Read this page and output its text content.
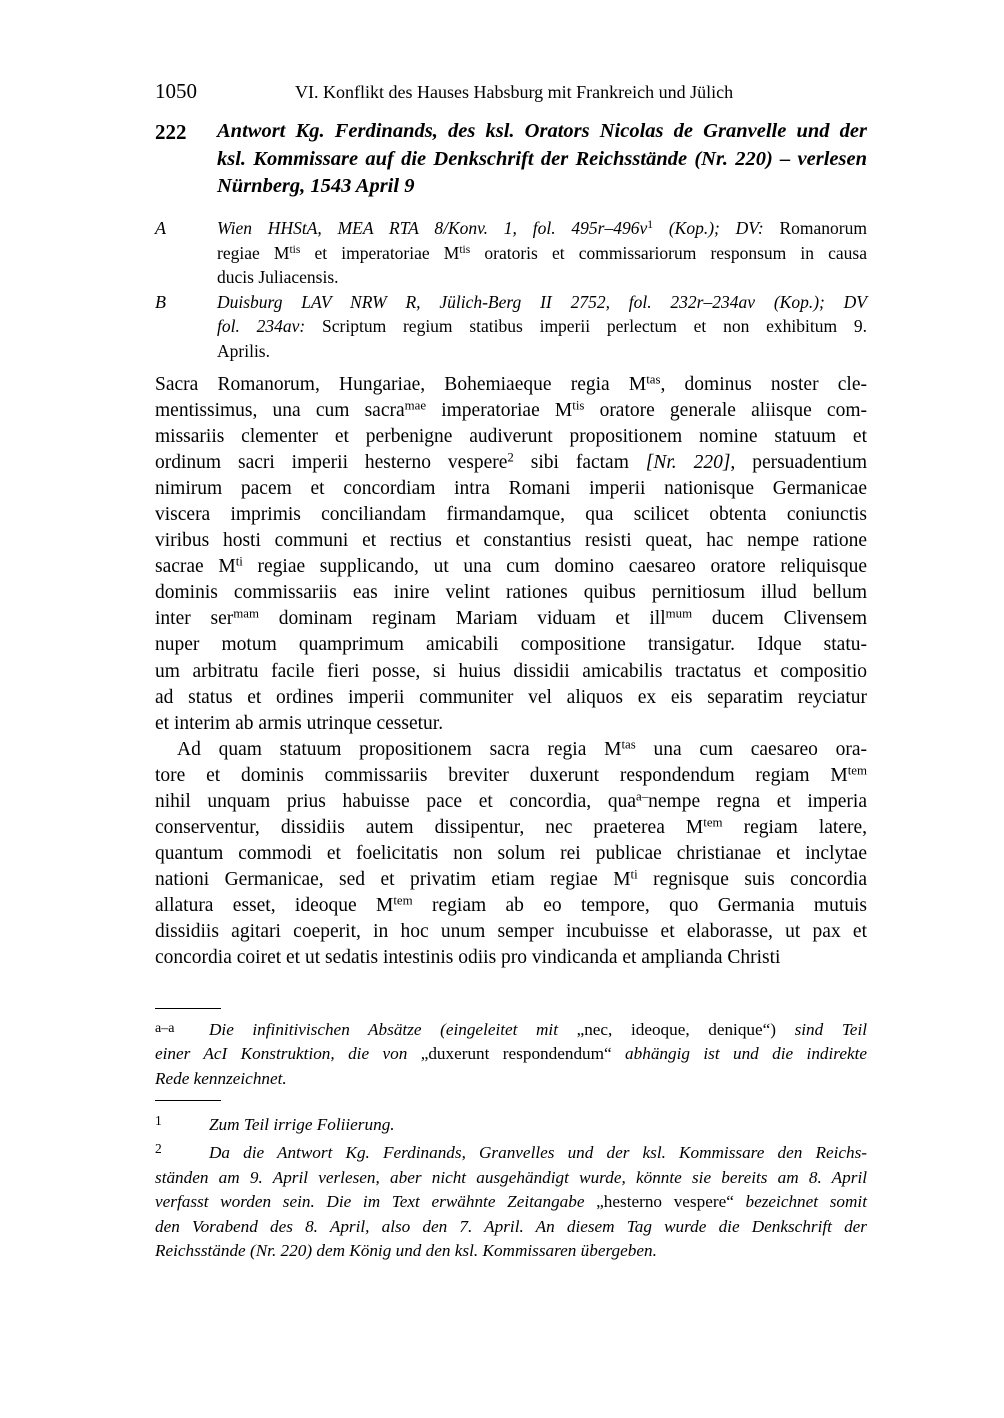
1050	VI. Konflikt des Hauses Habsburg mit Frankreich und Jülich
222 Antwort Kg. Ferdinands, des ksl. Orators Nicolas de Granvelle und der
ksl. Kommissare auf die Denkschrift der Reichsstände (Nr. 220) – verlesen
Nürnberg, 1543 April 9
A	Wien HHStA, MEA RTA 8/Konv. 1, fol. $495r-496v^1$ (Kop.); DV: Romanorum
regiae $M^{tis}$ et imperatoriae $M^{tis}$ oratoris et commissariorum responsum in causa
ducis Juliacensis.
B	Duisburg LAV NRW R, Jülich-Berg II 2752, fol. 232r–234av (Kop.); DV
fol. 234av: Scriptum regium statibus imperii perlectum et non exhibitum 9.
Aprilis.
Sacra Romanorum, Hungariae, Bohemiaeque regia $M^{tas}$, dominus noster cle-
mentissimus, una cum sacra$^{mae}$ imperatoriae $M^{tis}$ oratore generale aliisque com-
missariis clementer et perbenigne audiverunt propositionem nomine statuum et
ordinum sacri imperii hesterno vespere$^2$ sibi factam [Nr. 220], persuadentium
nimirum pacem et concordiam intra Romani imperii nationisque Germanicae
viscera imprimis conciliandam firmandamque, qua scilicet obtenta coniunctis
viribus hosti communi et rectius et constantius resisti queat, hac nempe ratione
sacrae $M^{ti}$ regiae supplicando, ut una cum domino caesareo oratore reliquisque
dominis commissariis eas inire velint rationes quibus pernitiosum illud bellum
inter ser$^{mam}$ dominam reginam Mariam viduam et ill$^{mum}$ ducem Clivensem
nuper motum quamprimum amicabili compositione transigatur. Idque statu-
um arbitratu facile fieri posse, si huius dissidii amicabilis tractatus et compositio
ad status et ordines imperii communiter vel aliquos ex eis separatim reyciatur
et interim ab armis utrinque cessetur.
Ad quam statuum propositionem sacra regia $M^{tas}$ una cum caesareo ora-
tore et dominis commissariis breviter duxerunt respondendum regiam $M^{tem}$
nihil unquam prius habuisse pace et concordia, qua$^{a-}$nempe regna et imperia
conserventur, dissidiis autem dissipentur, nec praeterea $M^{tem}$ regiam latere,
quantum commodi et foelicitatis non solum rei publicae christianae et inclytae
nationi Germanicae, sed et privatim etiam regiae $M^{ti}$ regnisque suis concordia
allatura esset, ideoque $M^{tem}$ regiam ab eo tempore, quo Germania mutuis
dissidiis agitari coeperit, in hoc unum semper incubuisse et elaborasse, ut pax et
concordia coiret et ut sedatis intestinis odiis pro vindicanda et amplianda Christi
a–a Die infinitivischen Absätze (eingeleitet mit „nec, ideoque, denique“) sind Teil
einer AcI Konstruktion, die von „duxerunt respondendum“ abhängig ist und die indirekte
Rede kennzeichnet.
1	Zum Teil irrige Foliierung.
2	Da die Antwort Kg. Ferdinands, Granvelles und der ksl. Kommissare den Reichs-
ständen am 9. April verlesen, aber nicht ausgehändigt wurde, könnte sie bereits am 8. April
verfasst worden sein. Die im Text erwähnte Zeitangabe „hesterno vespere“ bezeichnet somit
den Vorabend des 8. April, also den 7. April. An diesem Tag wurde die Denkschrift der
Reichsstände (Nr. 220) dem König und den ksl. Kommissaren übergeben.
